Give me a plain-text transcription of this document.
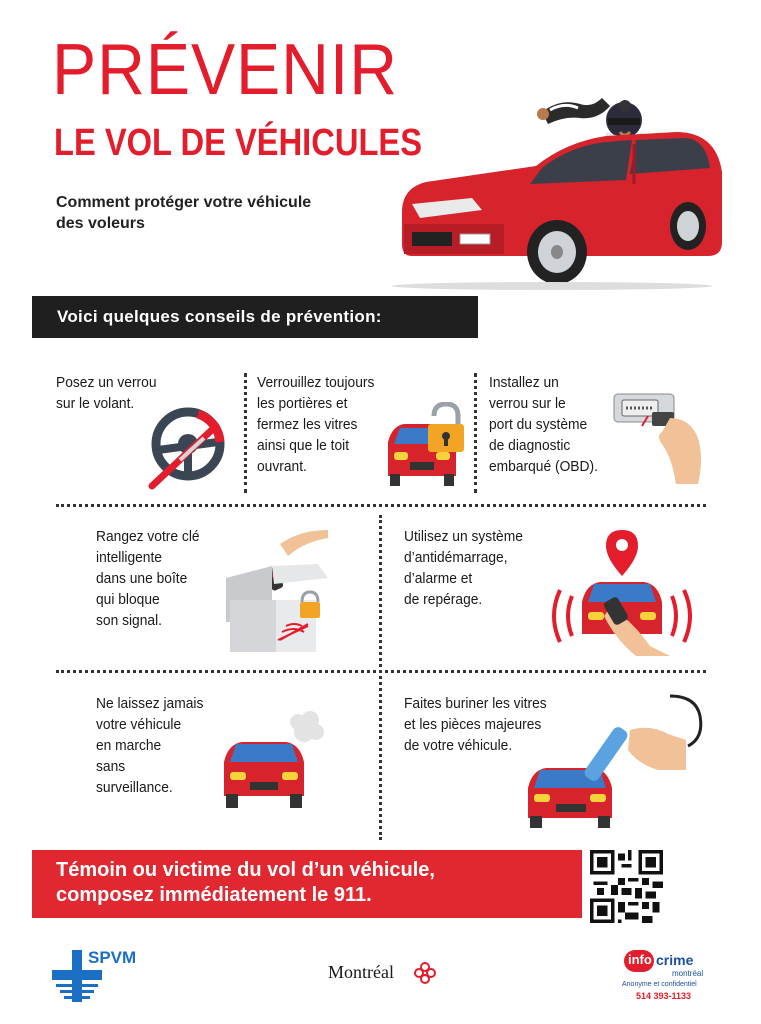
PRÉVENIR
LE VOL DE VÉHICULES
Comment protéger votre véhicule
des voleurs
Voici quelques conseils de prévention:
Posez un verrou
sur le volant.
Verrouillez toujours
les portières et
fermez les vitres
ainsi que le toit
ouvrant.
Installez un
verrou sur le
port du système
de diagnostic
embarqué (OBD).
Rangez votre clé
intelligente
dans une boîte
qui bloque
son signal.
Utilisez un système
d’antidémarrage,
d’alarme et
de repérage.
Ne laissez jamais
votre véhicule
en marche
sans
surveillance.
Faites buriner les vitres
et les pièces majeures
de votre véhicule.
Témoin ou victime du vol d’un véhicule,
composez immédiatement le 911.
SPVM
Montréal
info crime
montréal
Anonyme et confidentiel
514 393-1133
